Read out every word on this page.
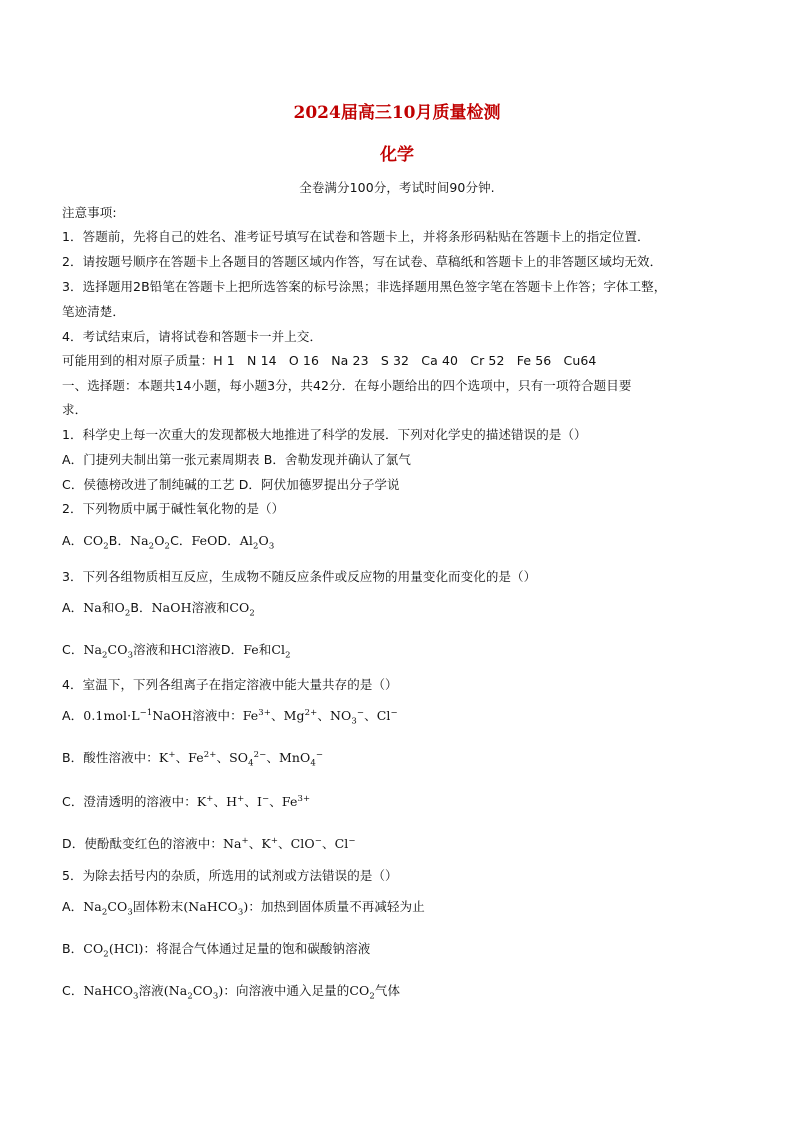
2024届高三10月质量检测
化学
全卷满分100分，考试时间90分钟.
注意事项:
1．答题前，先将自己的姓名、准考证号填写在试卷和答题卡上，并将条形码粘贴在答题卡上的指定位置．
2．请按题号顺序在答题卡上各题目的答题区域内作答，写在试卷、草稿纸和答题卡上的非答题区域均无效．
3．选择题用2B铅笔在答题卡上把所选答案的标号涂黑；非选择题用黑色签字笔在答题卡上作答；字体工整，
笔迹清楚．
4．考试结束后，请将试卷和答题卡一并上交．
可能用到的相对原子质量：H 1   N 14   O 16   Na 23   S 32   Ca 40   Cr 52   Fe 56   Cu64
一、选择题：本题共14小题，每小题3分，共42分．在每小题给出的四个选项中，只有一项符合题目要
求．
1．科学史上每一次重大的发现都极大地推进了科学的发展．下列对化学史的描述错误的是（）
A．门捷列夫制出第一张元素周期表 B．舍勒发现并确认了氯气
C．侯德榜改进了制纯碱的工艺 D．阿伏加德罗提出分子学说
2．下列物质中属于碱性氧化物的是（）
A．$CO_2B$．$Na_2O_2C$．FeOD．$Al_2O_3$
3．下列各组物质相互反应，生成物不随反应条件或反应物的用量变化而变化的是（）
A．Na和$O_2B$．NaOH溶液和$CO_2$
C．$Na_2CO_3$溶液和HCl溶液D．Fe和$Cl_2$
4．室温下，下列各组离子在指定溶液中能大量共存的是（）
A．$0.1mol\cdot L^{-1}NaOH$溶液中：$Fe^{3+}$、$Mg^{2+}$、$NO_3^-$、Cl−
B．酸性溶液中：K+、$Fe^{2+}$、$SO_4^{2-}$、MnO$_4$−
C．澄清透明的溶液中：K+、H+、I−、$Fe^{3+}$
D．使酚酞变红色的溶液中：Na+、K+、ClO−、Cl−
5．为除去括号内的杂质，所选用的试剂或方法错误的是（）
A．$Na_2CO_3$固体粉末(NaHCO$_3$)：加热到固体质量不再减轻为止
B．$CO_2(HCl)$：将混合气体通过足量的饱和碳酸钠溶液
C．NaHCO$_3$溶液$(Na_2CO_3)$：向溶液中通入足量的$CO_2$气体
